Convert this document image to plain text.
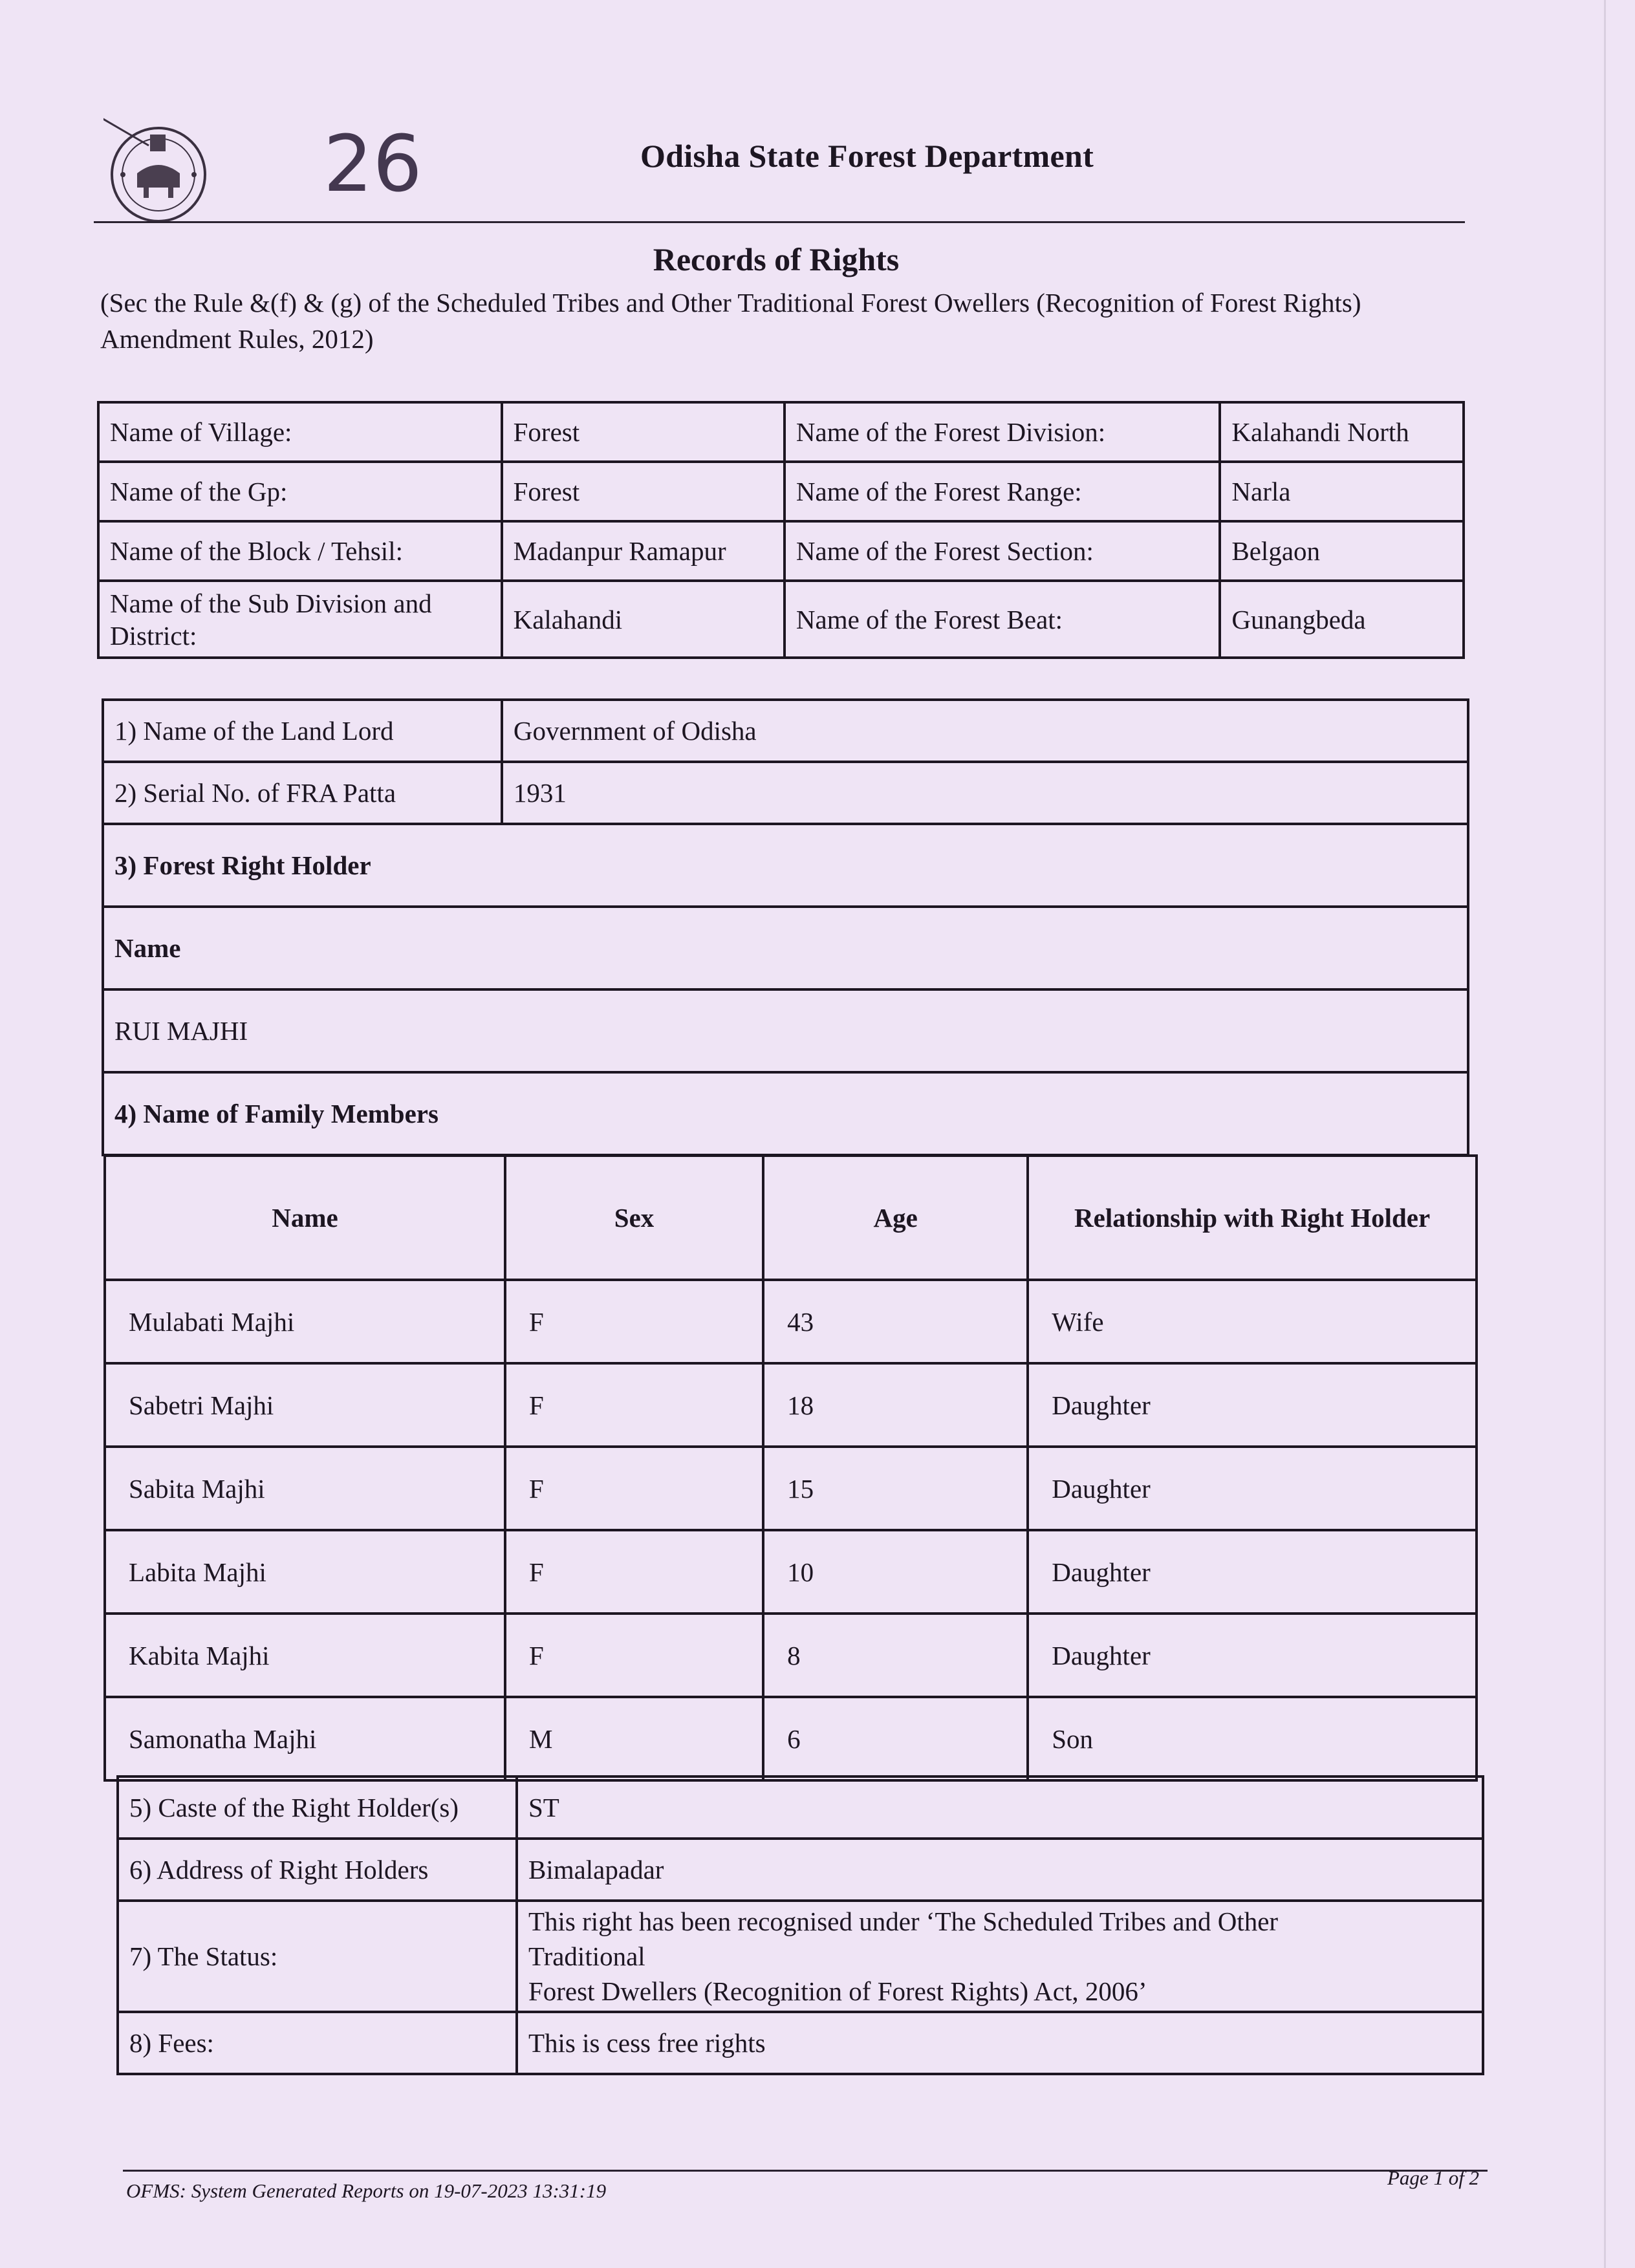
26	Odisha State Forest Department
Records of Rights
(Sec the Rule &(f) & (g) of the Scheduled Tribes and Other Traditional Forest Owellers (Recognition of Forest Rights) Amendment Rules, 2012)
Name of Village:	Forest	Name of the Forest Division:	Kalahandi North
Name of the Gp:	Forest	Name of the Forest Range:	Narla
Name of the Block / Tehsil:	Madanpur Ramapur	Name of the Forest Section:	Belgaon
Name of the Sub Division and District:	Kalahandi	Name of the Forest Beat:	Gunangbeda
1) Name of the Land Lord	Government of Odisha
2) Serial No. of FRA Patta	1931
3) Forest Right Holder	
Name	
RUI MAJHI	
4) Name of Family Members	
Name	Sex	Age	Relationship with Right Holder
Mulabati Majhi	F	43	Wife
Sabetri Majhi	F	18	Daughter
Sabita Majhi	F	15	Daughter
Labita Majhi	F	10	Daughter
Kabita Majhi	F	8	Daughter
Samonatha Majhi	M	6	Son
5) Caste of the Right Holder(s)	ST
6) Address of Right Holders	Bimalapadar
7) The Status:	This right has been recognised under ‘The Scheduled Tribes and Other
Traditional
Forest Dwellers (Recognition of Forest Rights) Act, 2006’

8) Fees:	This is cess free rights
OFMS: System Generated Reports on 19-07-2023 13:31:19
Page 1 of 2
